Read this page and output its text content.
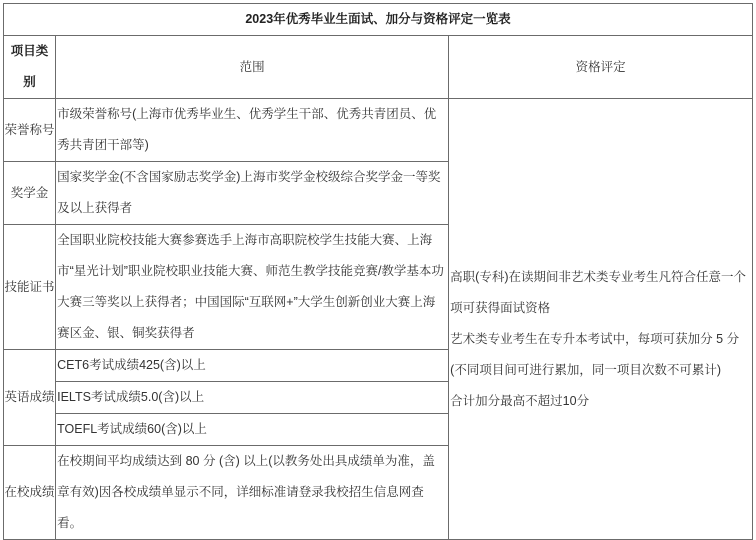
2023年优秀毕业生面试、加分与资格评定一览表		
项目类别	范围	资格评定
荣誉称号	市级荣誉称号(上海市优秀毕业生、优秀学生干部、优秀共青团员、优秀共青团干部等)	高职(专科)在读期间非艺术类专业考生凡符合任意一个项可获得面试资格

艺术类专业考生在专升本考试中，每项可获加分 5 分(不同项目间可进行累加，同一项目次数不可累计)

合计加分最高不超过10分

奖学金	国家奖学金(不含国家励志奖学金)上海市奖学金校级综合奖学金一等奖及以上获得者	
技能证书	全国职业院校技能大赛参赛选手上海市高职院校学生技能大赛、上海市“星光计划”职业院校职业技能大赛、师范生教学技能竞赛/教学基本功大赛三等奖以上获得者；中国国际“互联网+”大学生创新创业大赛上海赛区金、银、铜奖获得者	
英语成绩	CET6考试成绩425(含)以上	
	IELTS考试成绩5.0(含)以上	
	TOEFL考试成绩60(含)以上	
在校成绩	在校期间平均成绩达到 80 分 (含) 以上(以教务处出具成绩单为准，盖章有效)因各校成绩单显示不同，详细标准请登录我校招生信息网查看。	
